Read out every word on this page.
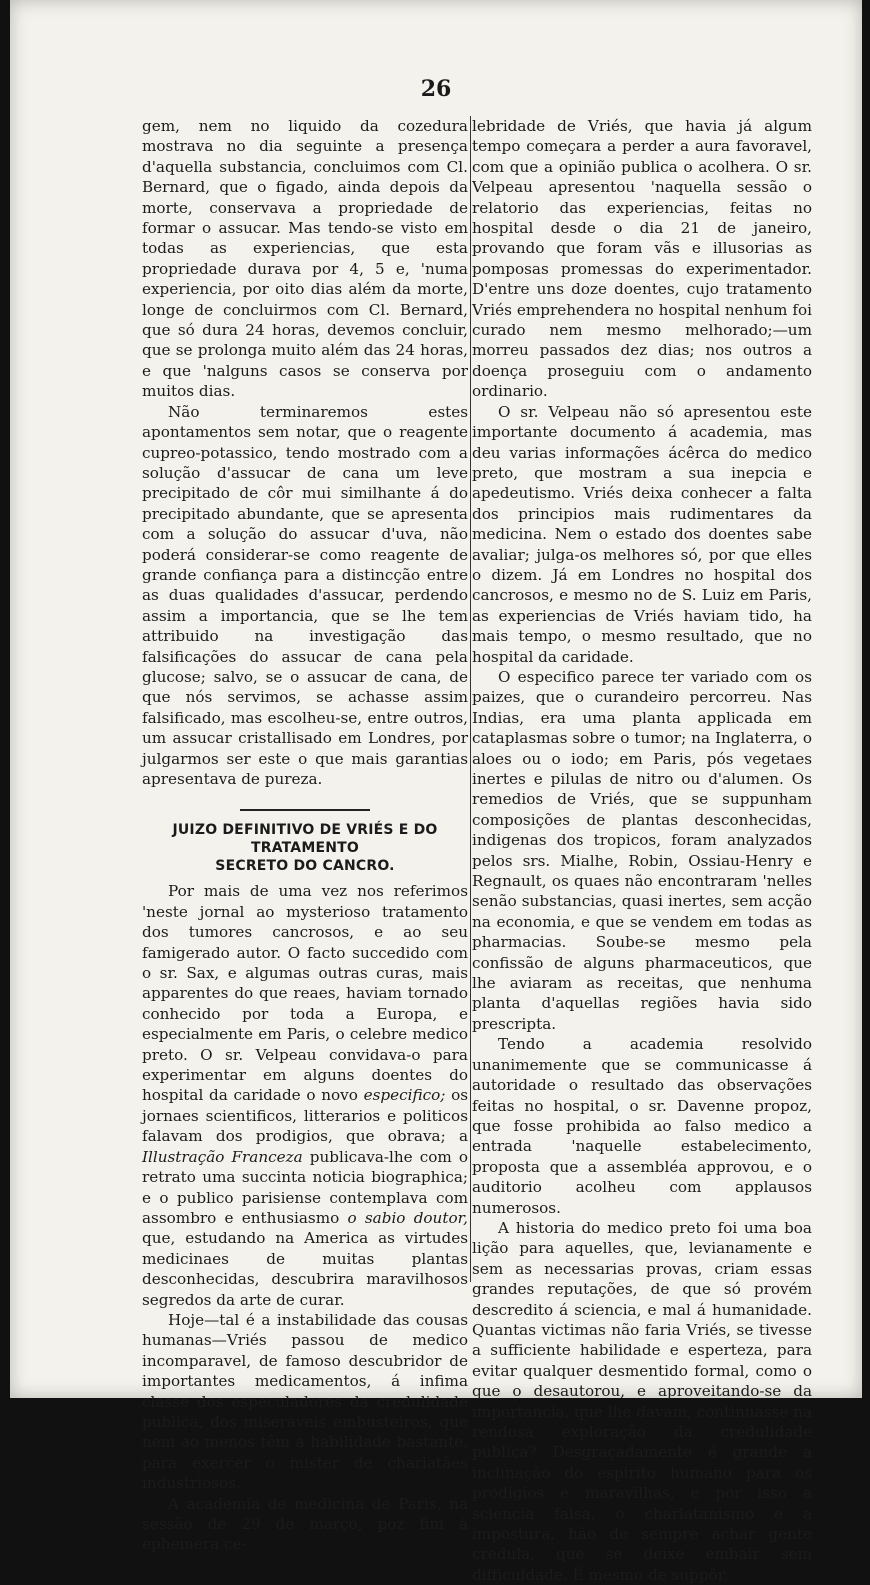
26

gem, nem no liquido da cozedura mostrava no dia seguinte a presença d'aquella substancia, concluimos com Cl. Bernard, que o figado, ainda depois da morte, conservava a propriedade de formar o assucar. Mas tendo-se visto em todas as experiencias, que esta propriedade durava por 4, 5 e, 'numa experiencia, por oito dias além da morte, longe de concluirmos com Cl. Bernard, que só dura 24 horas, devemos concluir, que se prolonga muito além das 24 horas, e que 'nalguns casos se conserva por muitos dias.

Não terminaremos estes apontamentos sem notar, que o reagente cupreo-potassico, tendo mostrado com a solução d'assucar de cana um leve precipitado de côr mui similhante á do precipitado abundante, que se apresenta com a solução do assucar d'uva, não poderá considerar-se como reagente de grande confiança para a distincção entre as duas qualidades d'assucar, perdendo assim a importancia, que se lhe tem attribuido na investigação das falsificações do assucar de cana pela glucose; salvo, se o assucar de cana, de que nós servimos, se achasse assim falsificado, mas escolheu-se, entre outros, um assucar cristallisado em Londres, por julgarmos ser este o que mais garantias apresentava de pureza.

JUIZO DEFINITIVO DE VRIÉS E DO TRATAMENTO
SECRETO DO CANCRO.

Por mais de uma vez nos referimos 'neste jornal ao mysterioso tratamento dos tumores cancrosos, e ao seu famigerado autor. O facto succedido com o sr. Sax, e algumas outras curas, mais apparentes do que reaes, haviam tornado conhecido por toda a Europa, e especialmente em Paris, o celebre medico preto. O sr. Velpeau convidava-o para experimentar em alguns doentes do hospital da caridade o novo especifico; os jornaes scientificos, litterarios e politicos falavam dos prodigios, que obrava; a Illustração Franceza publicava-lhe com o retrato uma succinta noticia biographica; e o publico parisiense contemplava com assombro e enthusiasmo o sabio doutor, que, estudando na America as virtudes medicinaes de muitas plantas desconhecidas, descubrira maravilhosos segredos da arte de curar.

Hoje—tal é a instabilidade das cousas humanas—Vriés passou de medico incomparavel, de famoso descubridor de importantes medicamentos, á infima classe dos especuladores da credulidade publica, dos miseraveis embusteiros, que nem ao menos têm a habilidade bastante, para exercer o mister de charlatães industriosos.

A academia de medicina de Paris, na sessão de 29 de março, poz fim á ephemera ce-

lebridade de Vriés, que havia já algum tempo começara a perder a aura favoravel, com que a opinião publica o acolhera. O sr. Velpeau apresentou 'naquella sessão o relatorio das experiencias, feitas no hospital desde o dia 21 de janeiro, provando que foram vãs e illusorias as pomposas promessas do experimentador. D'entre uns doze doentes, cujo tratamento Vriés emprehendera no hospital nenhum foi curado nem mesmo melhorado;—um morreu passados dez dias; nos outros a doença proseguiu com o andamento ordinario.

O sr. Velpeau não só apresentou este importante documento á academia, mas deu varias informações ácêrca do medico preto, que mostram a sua inepcia e apedeutismo. Vriés deixa conhecer a falta dos principios mais rudimentares da medicina. Nem o estado dos doentes sabe avaliar; julga-os melhores só, por que elles o dizem. Já em Londres no hospital dos cancrosos, e mesmo no de S. Luiz em Paris, as experiencias de Vriés haviam tido, ha mais tempo, o mesmo resultado, que no hospital da caridade.

O especifico parece ter variado com os paizes, que o curandeiro percorreu. Nas Indias, era uma planta applicada em cataplasmas sobre o tumor; na Inglaterra, o aloes ou o iodo; em Paris, pós vegetaes inertes e pilulas de nitro ou d'alumen. Os remedios de Vriés, que se suppunham composições de plantas desconhecidas, indigenas dos tropicos, foram analyzados pelos srs. Mialhe, Robin, Ossiau-Henry e Regnault, os quaes não encontraram 'nelles senão substancias, quasi inertes, sem acção na economia, e que se vendem em todas as pharmacias. Soube-se mesmo pela confissão de alguns pharmaceuticos, que lhe aviaram as receitas, que nenhuma planta d'aquellas regiões havia sido prescripta.

Tendo a academia resolvido unanimemente que se communicasse á autoridade o resultado das observações feitas no hospital, o sr. Davenne propoz, que fosse prohibida ao falso medico a entrada 'naquelle estabelecimento, proposta que a assembléa approvou, e o auditorio acolheu com applausos numerosos.

A historia do medico preto foi uma boa lição para aquelles, que, levianamente e sem as necessarias provas, criam essas grandes reputações, de que só provém descredito á sciencia, e mal á humanidade. Quantas victimas não faria Vriés, se tivesse a sufficiente habilidade e esperteza, para evitar qualquer desmentido formal, como o que o desautorou, e aproveitando-se da importancia, que lhe davam, continuasse na rendosa exploração da credulidade publica? Desgraçadamente é grande a inclinação do espirito humano para os prodigios e maravilhas, e por isso a sciencia falsa, o charlatanismo e a impostura, hão de sempre achar gente credula, que se deixe embair sem difficuldade. É mesmo de suppôr,
